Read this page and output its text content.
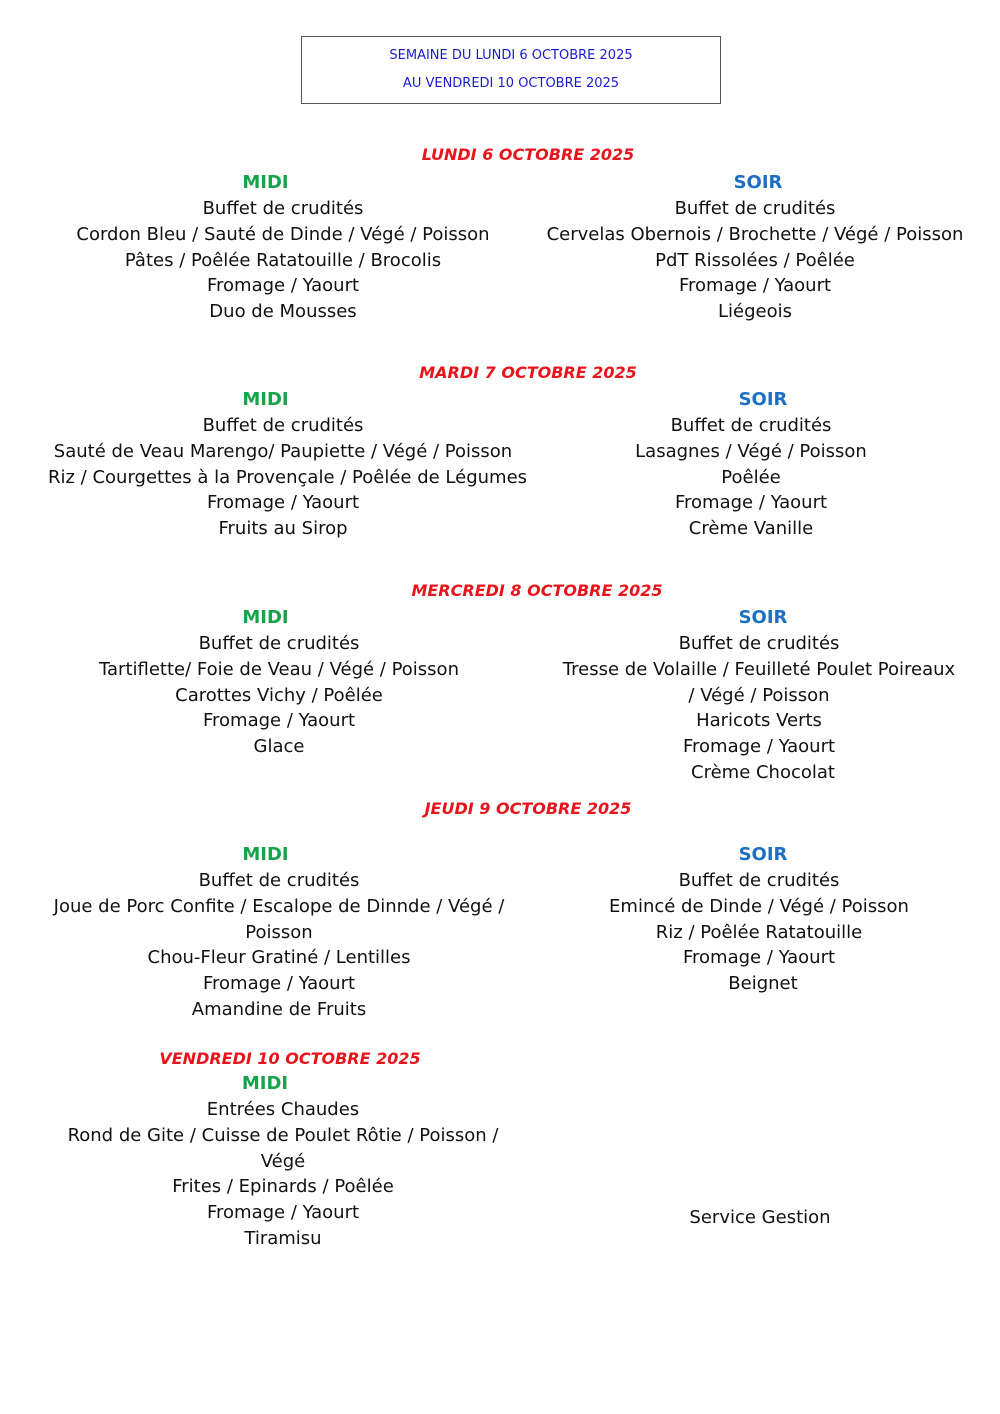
SEMAINE DU LUNDI 6 OCTOBRE 2025
AU VENDREDI 10 OCTOBRE 2025
LUNDI 6 OCTOBRE 2025
MIDI
Buffet de crudités
Cordon Bleu / Sauté de Dinde / Végé / Poisson
Pâtes / Poêlée Ratatouille / Brocolis
Fromage / Yaourt
Duo de Mousses
SOIR
Buffet de crudités
Cervelas Obernois / Brochette / Végé / Poisson
PdT Rissolées / Poêlée
Fromage / Yaourt
Liégeois
MARDI 7 OCTOBRE 2025
MIDI
Buffet de crudités
Sauté de Veau Marengo/ Paupiette / Végé / Poisson
Riz / Courgettes à la Provençale / Poêlée de Légumes
Fromage / Yaourt
Fruits au Sirop
SOIR
Buffet de crudités
Lasagnes / Végé / Poisson
Poêlée
Fromage / Yaourt
Crème Vanille
MERCREDI 8 OCTOBRE 2025
MIDI
Buffet de crudités
Tartiflette/ Foie de Veau / Végé / Poisson
Carottes Vichy / Poêlée
Fromage / Yaourt
Glace
SOIR
Buffet de crudités
Tresse de Volaille / Feuilleté Poulet Poireaux
/ Végé / Poisson
Haricots Verts
Fromage / Yaourt
Crème Chocolat
JEUDI 9 OCTOBRE 2025
MIDI
Buffet de crudités
Joue de Porc Confite / Escalope de Dinnde / Végé /
Poisson
Chou-Fleur Gratiné / Lentilles
Fromage / Yaourt
Amandine de Fruits
SOIR
Buffet de crudités
Emincé de Dinde / Végé / Poisson
Riz / Poêlée Ratatouille
Fromage / Yaourt
Beignet
VENDREDI 10 OCTOBRE 2025
MIDI
Entrées Chaudes
Rond de Gite / Cuisse de Poulet Rôtie / Poisson /
Végé
Frites / Epinards / Poêlée
Fromage / Yaourt
Tiramisu
Service Gestion
